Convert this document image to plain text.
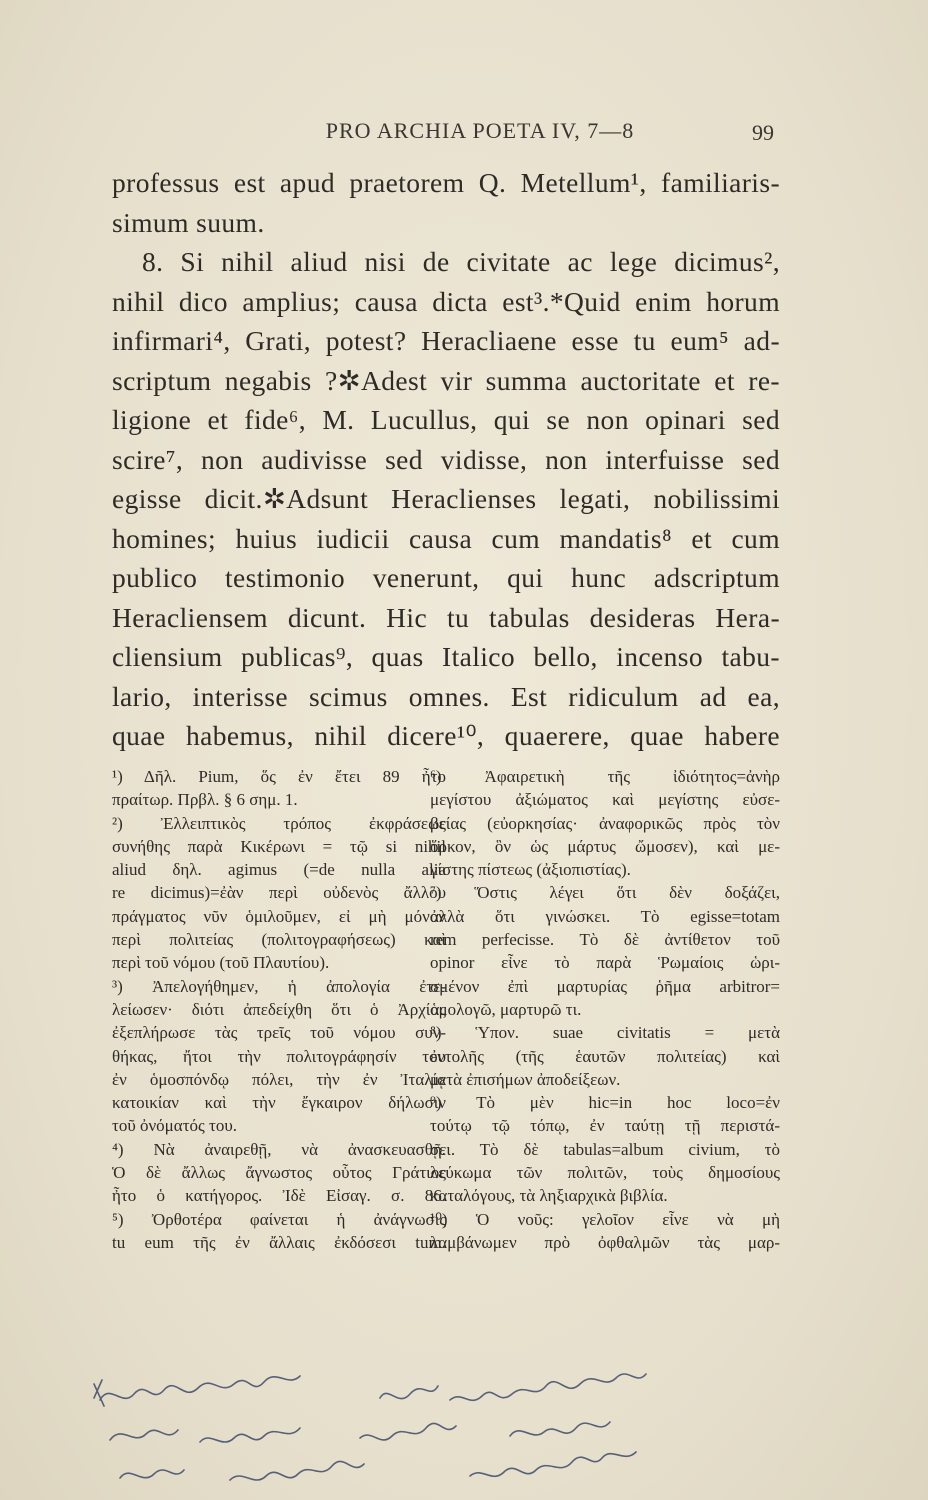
PRO ARCHIA POETA IV, 7—8	99
professus est apud praetorem Q. Metellum¹, familiaris-
simum suum.
8. Si nihil aliud nisi de civitate ac lege dicimus²,
nihil dico amplius; causa dicta est³.*Quid enim horum
infirmari⁴, Grati, potest? Heracliaene esse tu eum⁵ ad-
scriptum negabis ?✲Adest vir summa auctoritate et re-
ligione et fide⁶, M. Lucullus, qui se non opinari sed
scire⁷, non audivisse sed vidisse, non interfuisse sed
egisse dicit.✲Adsunt Heraclienses legati, nobilissimi
homines; huius iudicii causa cum mandatis⁸ et cum
publico testimonio venerunt, qui hunc adscriptum
Heracliensem dicunt. Hic tu tabulas desideras Hera-
cliensium publicas⁹, quas Italico bello, incenso tabu-
lario, interisse scimus omnes. Est ridiculum ad ea,
quae habemus, nihil dicere¹⁰, quaerere, quae habere
¹) Δῆλ. Pium, ὅς ἐν ἔτει 89 ἦτο
πραίτωρ. Πρβλ. § 6 σημ. 1.
²) Ἐλλειπτικὸς τρόπος ἐκφράσεως
συνήθης παρὰ Κικέρωνι = τῷ si nihil
aliud δηλ. agimus (=de nulla alia
re dicimus)=ἐὰν περὶ οὐδενὸς ἄλλου
πράγματος νῦν ὁμιλοῦμεν, εἰ μὴ μόνον
περὶ πολιτείας (πολιτογραφήσεως) καὶ
περὶ τοῦ νόμου (τοῦ Πλαυτίου).
³) Ἀπελογήθημεν, ἡ ἀπολογία ἐτε-
λείωσεν· διότι ἀπεδείχθη ὅτι ὁ Ἀρχίας
ἐξεπλήρωσε τὰς τρεῖς τοῦ νόμου συν-
θήκας, ἤτοι τὴν πολιτογράφησίν του
ἐν ὁμοσπόνδῳ πόλει, τὴν ἐν Ἰταλίᾳ
κατοικίαν καὶ τὴν ἔγκαιρον δήλωσιν
τοῦ ὀνόματός του.
⁴) Νὰ ἀναιρεθῇ, νὰ ἀνασκευασθῇ.
Ὁ δὲ ἄλλως ἄγνωστος οὗτος Γράτιος
ἦτο ὁ κατήγορος. Ἰδὲ Εἰσαγ. σ. 86.
⁵) Ὀρθοτέρα φαίνεται ἡ ἀνάγνωσις
tu eum τῆς ἐν ἄλλαις ἐκδόσεσι tum.
⁶) Ἀφαιρετικὴ τῆς ἰδιότητος=ἀνὴρ
μεγίστου ἀξιώματος καὶ μεγίστης εὐσε-
βείας (εὐορκησίας· ἀναφορικῶς πρὸς τὸν
ὅρκον, ὃν ὡς μάρτυς ὤμοσεν), καὶ με-
γίστης πίστεως (ἀξιοπιστίας).
⁷) Ὅστις λέγει ὅτι δὲν δοξάζει,
ἀλλὰ ὅτι γινώσκει. Τὸ egisse=totam
rem perfecisse. Τὸ δὲ ἀντίθετον τοῦ
opinor εἶνε τὸ παρὰ Ῥωμαίοις ὡρι-
σμένον ἐπὶ μαρτυρίας ῥῆμα arbitror=
ὁμολογῶ, μαρτυρῶ τι.
⁸) Ὑπον. suae civitatis = μετὰ
ἐντολῆς (τῆς ἑαυτῶν πολιτείας) καὶ
μετὰ ἐπισήμων ἀποδείξεων.
⁹) Τὸ μὲν hic=in hoc loco=ἐν
τούτῳ τῷ τόπῳ, ἐν ταύτῃ τῇ περιστά-
σει. Τὸ δὲ tabulas=album civium, τὸ
λεύκωμα τῶν πολιτῶν, τοὺς δημοσίους
καταλόγους, τὰ ληξιαρχικὰ βιβλία.
¹⁰) Ὁ νοῦς: γελοῖον εἶνε νὰ μὴ
λαμβάνωμεν πρὸ ὀφθαλμῶν τὰς μαρ-
